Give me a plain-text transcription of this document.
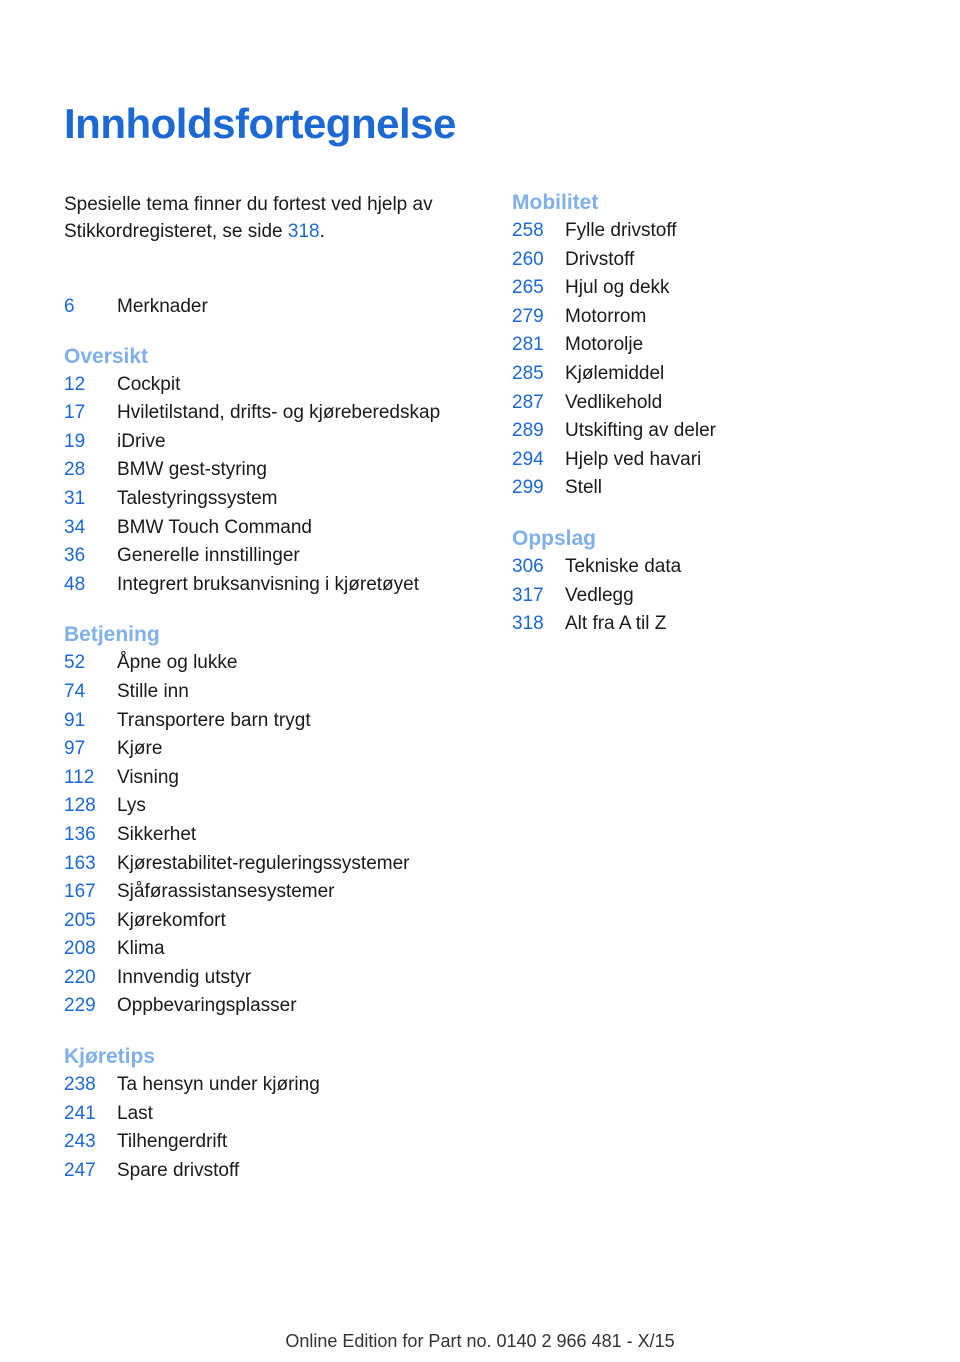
Innholdsfortegnelse
Spesielle tema finner du fortest ved hjelp av Stikkordregisteret, se side 318.
6	Merknader
Oversikt
12	Cockpit
17	Hviletilstand, drifts- og kjøreberedskap
19	iDrive
28	BMW gest-styring
31	Talestyringssystem
34	BMW Touch Command
36	Generelle innstillinger
48	Integrert bruksanvisning i kjøretøyet
Betjening
52	Åpne og lukke
74	Stille inn
91	Transportere barn trygt
97	Kjøre
112	Visning
128	Lys
136	Sikkerhet
163	Kjørestabilitet-reguleringssystemer
167	Sjåførassistansesystemer
205	Kjørekomfort
208	Klima
220	Innvendig utstyr
229	Oppbevaringsplasser
Kjøretips
238	Ta hensyn under kjøring
241	Last
243	Tilhengerdrift
247	Spare drivstoff
Mobilitet
258	Fylle drivstoff
260	Drivstoff
265	Hjul og dekk
279	Motorrom
281	Motorolje
285	Kjølemiddel
287	Vedlikehold
289	Utskifting av deler
294	Hjelp ved havari
299	Stell
Oppslag
306	Tekniske data
317	Vedlegg
318	Alt fra A til Z
Online Edition for Part no. 0140 2 966 481 - X/15
